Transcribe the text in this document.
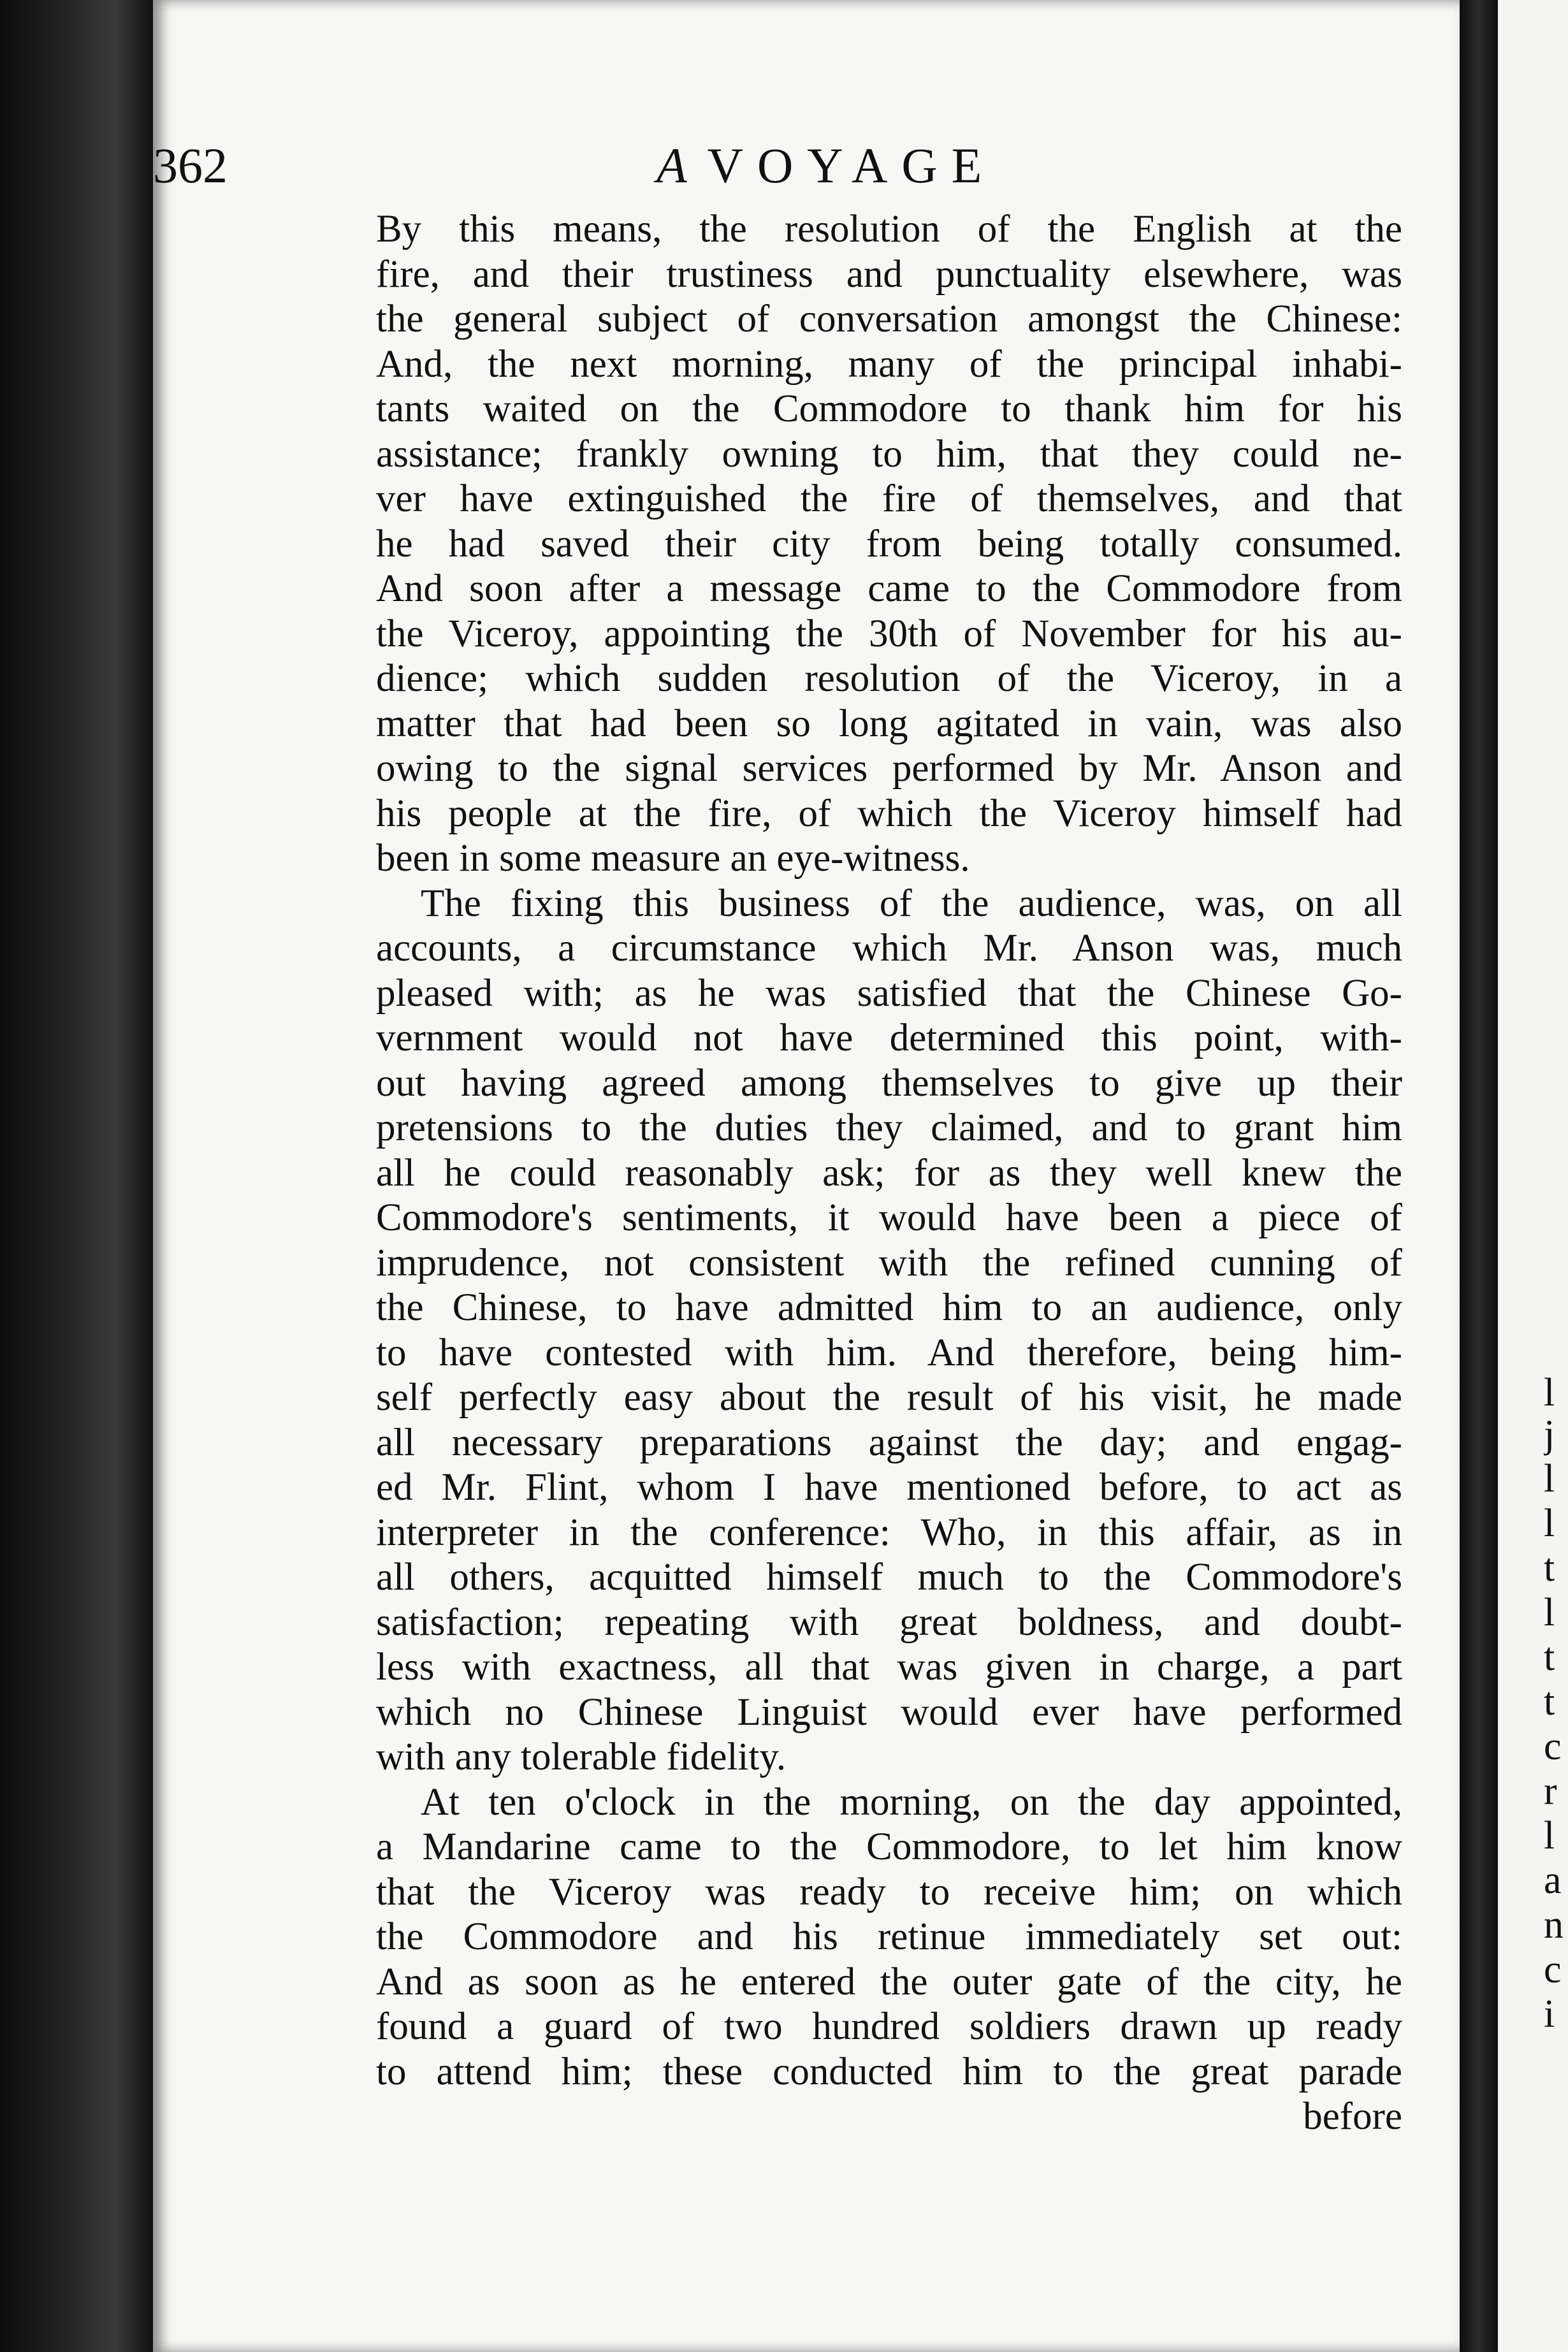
362	A VOYAGE
By this means, the resolution of the English at the
fire, and their trustiness and punctuality elsewhere, was
the general subject of conversation amongst the Chinese:
And, the next morning, many of the principal inhabi-
tants waited on the Commodore to thank him for his
assistance; frankly owning to him, that they could ne-
ver have extinguished the fire of themselves, and that
he had saved their city from being totally consumed.
And soon after a message came to the Commodore from
the Viceroy, appointing the 30th of November for his au-
dience; which sudden resolution of the Viceroy, in a
matter that had been so long agitated in vain, was also
owing to the signal services performed by Mr. Anson and
his people at the fire, of which the Viceroy himself had
been in some measure an eye-witness.
The fixing this business of the audience, was, on all
accounts, a circumstance which Mr. Anson was, much
pleased with; as he was satisfied that the Chinese Go-
vernment would not have determined this point, with-
out having agreed among themselves to give up their
pretensions to the duties they claimed, and to grant him
all he could reasonably ask; for as they well knew the
Commodore's sentiments, it would have been a piece of
imprudence, not consistent with the refined cunning of
the Chinese, to have admitted him to an audience, only
to have contested with him. And therefore, being him-
self perfectly easy about the result of his visit, he made
all necessary preparations against the day; and engag-
ed Mr. Flint, whom I have mentioned before, to act as
interpreter in the conference: Who, in this affair, as in
all others, acquitted himself much to the Commodore's
satisfaction; repeating with great boldness, and doubt-
less with exactness, all that was given in charge, a part
which no Chinese Linguist would ever have performed
with any tolerable fidelity.
At ten o'clock in the morning, on the day appointed,
a Mandarine came to the Commodore, to let him know
that the Viceroy was ready to receive him; on which
the Commodore and his retinue immediately set out:
And as soon as he entered the outer gate of the city, he
found a guard of two hundred soldiers drawn up ready
to attend him; these conducted him to the great parade
before
l
j
l
l
t
l
t
t
c
r
l
a
n
c
i
